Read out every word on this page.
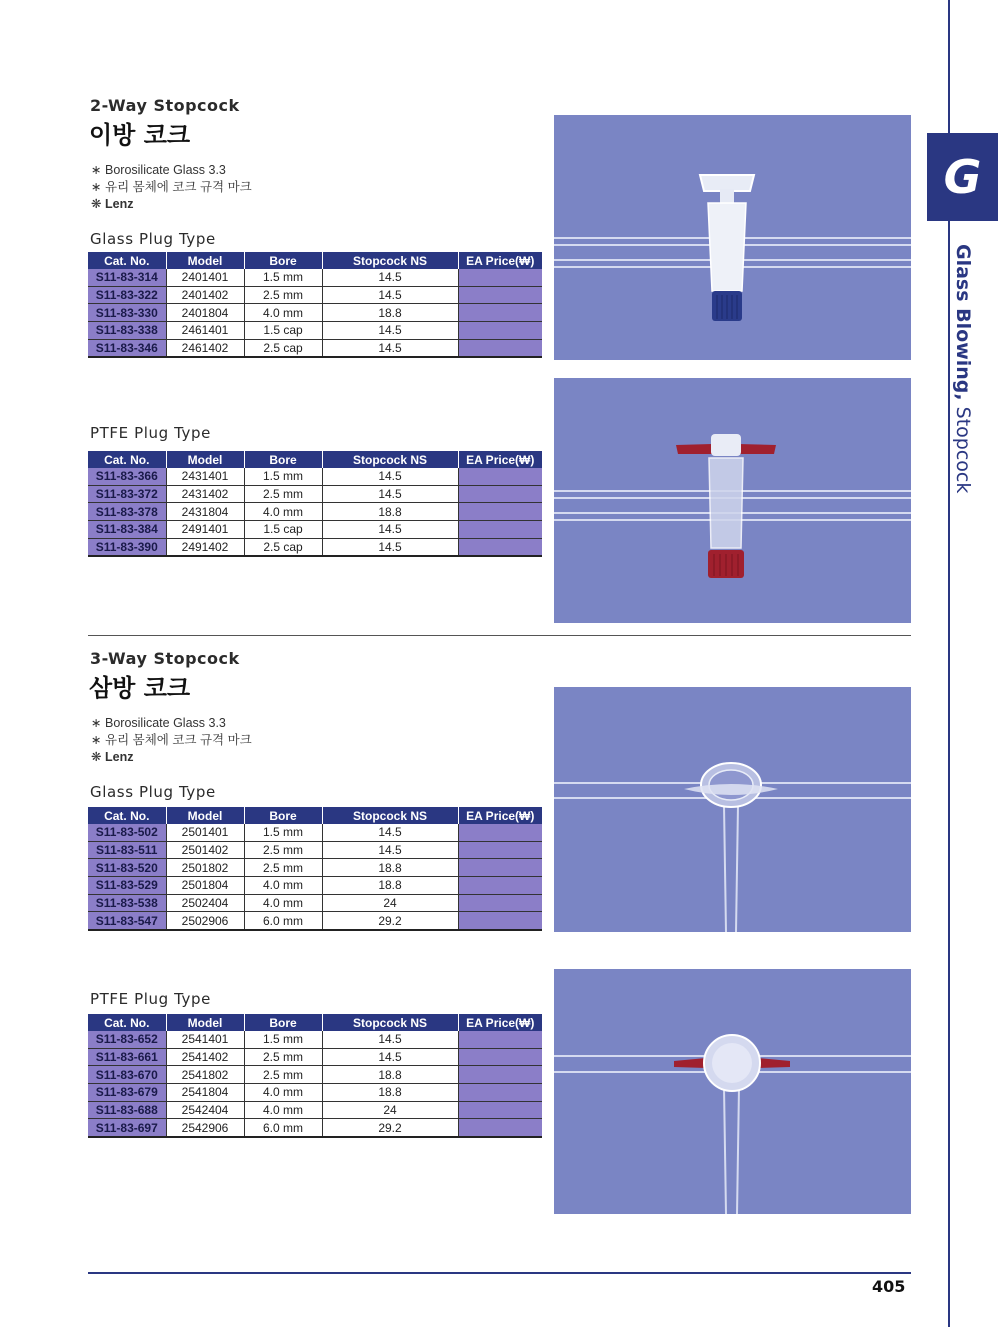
G
Glass Blowing, Stopcock
2-Way Stopcock
이방 코크
∗ Borosilicate Glass 3.3
∗ 유리 몸체에 코크 규격 마크
❋ Lenz
Glass Plug Type
Cat. No.	Model	Bore	Stopcock NS	EA Price(₩)
S11-83-314	2401401	1.5 mm	14.5	
S11-83-322	2401402	2.5 mm	14.5	
S11-83-330	2401804	4.0 mm	18.8	
S11-83-338	2461401	1.5 cap	14.5	
S11-83-346	2461402	2.5 cap	14.5	
PTFE Plug Type
Cat. No.	Model	Bore	Stopcock NS	EA Price(₩)
S11-83-366	2431401	1.5 mm	14.5	
S11-83-372	2431402	2.5 mm	14.5	
S11-83-378	2431804	4.0 mm	18.8	
S11-83-384	2491401	1.5 cap	14.5	
S11-83-390	2491402	2.5 cap	14.5	
3-Way Stopcock
삼방 코크
∗ Borosilicate Glass 3.3
∗ 유리 몸체에 코크 규격 마크
❋ Lenz
Glass Plug Type
Cat. No.	Model	Bore	Stopcock NS	EA Price(₩)
S11-83-502	2501401	1.5 mm	14.5	
S11-83-511	2501402	2.5 mm	14.5	
S11-83-520	2501802	2.5 mm	18.8	
S11-83-529	2501804	4.0 mm	18.8	
S11-83-538	2502404	4.0 mm	24	
S11-83-547	2502906	6.0 mm	29.2	
PTFE Plug Type
Cat. No.	Model	Bore	Stopcock NS	EA Price(₩)
S11-83-652	2541401	1.5 mm	14.5	
S11-83-661	2541402	2.5 mm	14.5	
S11-83-670	2541802	2.5 mm	18.8	
S11-83-679	2541804	4.0 mm	18.8	
S11-83-688	2542404	4.0 mm	24	
S11-83-697	2542906	6.0 mm	29.2	
405
